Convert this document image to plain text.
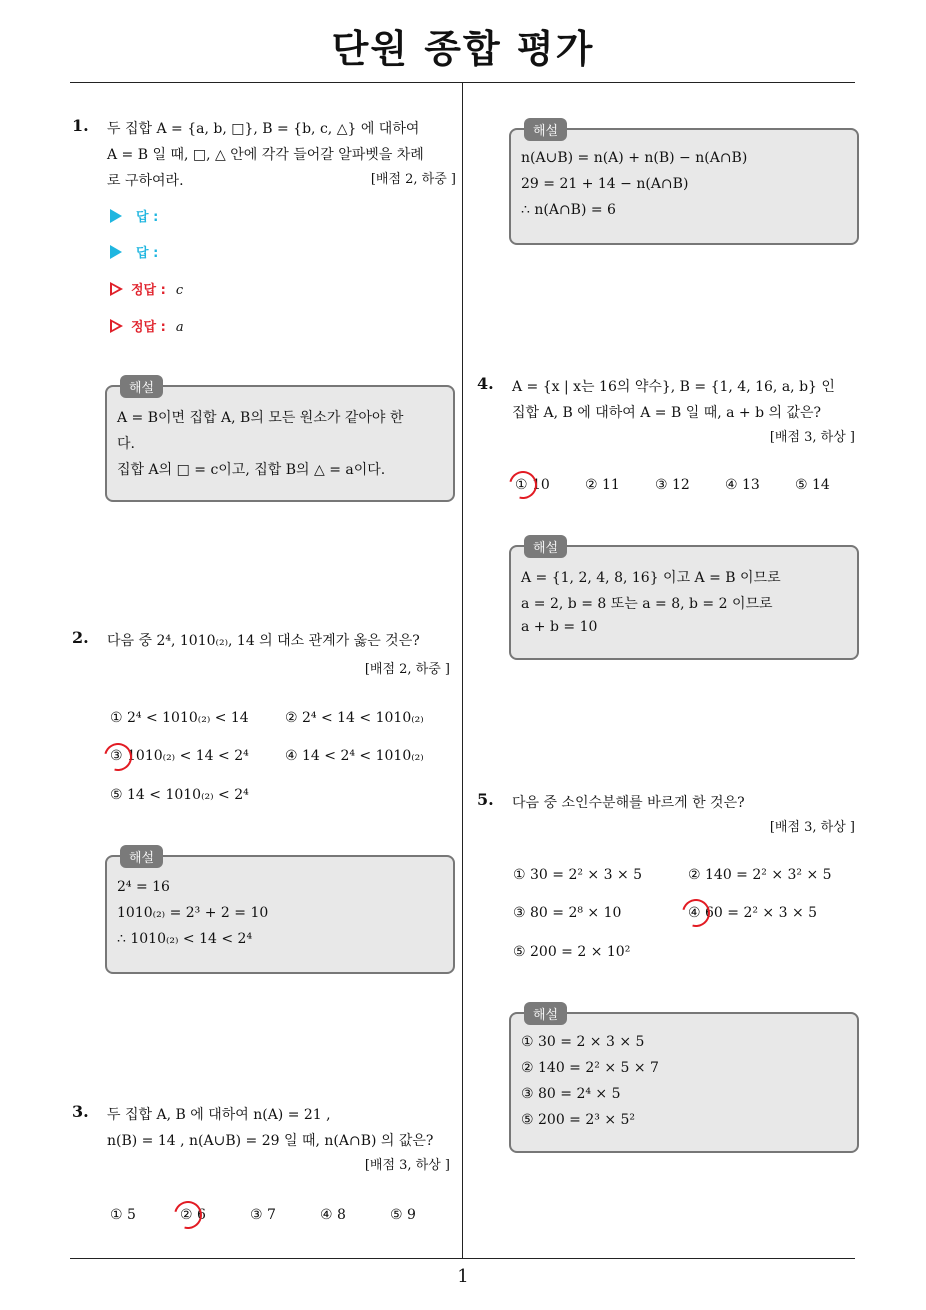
단원 종합 평가
1
1. 두 집합 A = {a, b, □}, B = {b, c, △} 에 대하여
A = B 일 때, □, △ 안에 각각 들어갈 알파벳을 차례
로 구하여라.	[배점 2, 하중 ]
답 :
답 :
정답 : c
정답 : a
해설
A = B이면 집합 A, B의 모든 원소가 같아야 한
다.
집합 A의 □ = c이고, 집합 B의 △ = a이다.
2. 다음 중 2⁴, 1010₍₂₎, 14 의 대소 관계가 옳은 것은?
[배점 2, 하중 ]
① 2⁴ < 1010₍₂₎ < 14	② 2⁴ < 14 < 1010₍₂₎
③ 1010₍₂₎ < 14 < 2⁴	④ 14 < 2⁴ < 1010₍₂₎
⑤ 14 < 1010₍₂₎ < 2⁴
해설
2⁴ = 16
1010₍₂₎ = 2³ + 2 = 10
∴ 1010₍₂₎ < 14 < 2⁴
3. 두 집합 A, B 에 대하여 n(A) = 21 ,
n(B) = 14 , n(A∪B) = 29 일 때, n(A∩B) 의 값은?
[배점 3, 하상 ]
① 5	② 6	③ 7	④ 8	⑤ 9
해설
n(A∪B) = n(A) + n(B) − n(A∩B)
29 = 21 + 14 − n(A∩B)
∴ n(A∩B) = 6
4. A = {x | x는 16의 약수}, B = {1, 4, 16, a, b} 인
집합 A, B 에 대하여 A = B 일 때, a + b 의 값은?
[배점 3, 하상 ]
① 10	② 11	③ 12	④ 13	⑤ 14
해설
A = {1, 2, 4, 8, 16} 이고 A = B 이므로
a = 2, b = 8 또는 a = 8, b = 2 이므로
a + b = 10
5. 다음 중 소인수분해를 바르게 한 것은?
[배점 3, 하상 ]
① 30 = 2² × 3 × 5	② 140 = 2² × 3² × 5
③ 80 = 2⁸ × 10	④ 60 = 2² × 3 × 5
⑤ 200 = 2 × 10²
해설
① 30 = 2 × 3 × 5
② 140 = 2² × 5 × 7
③ 80 = 2⁴ × 5
⑤ 200 = 2³ × 5²
